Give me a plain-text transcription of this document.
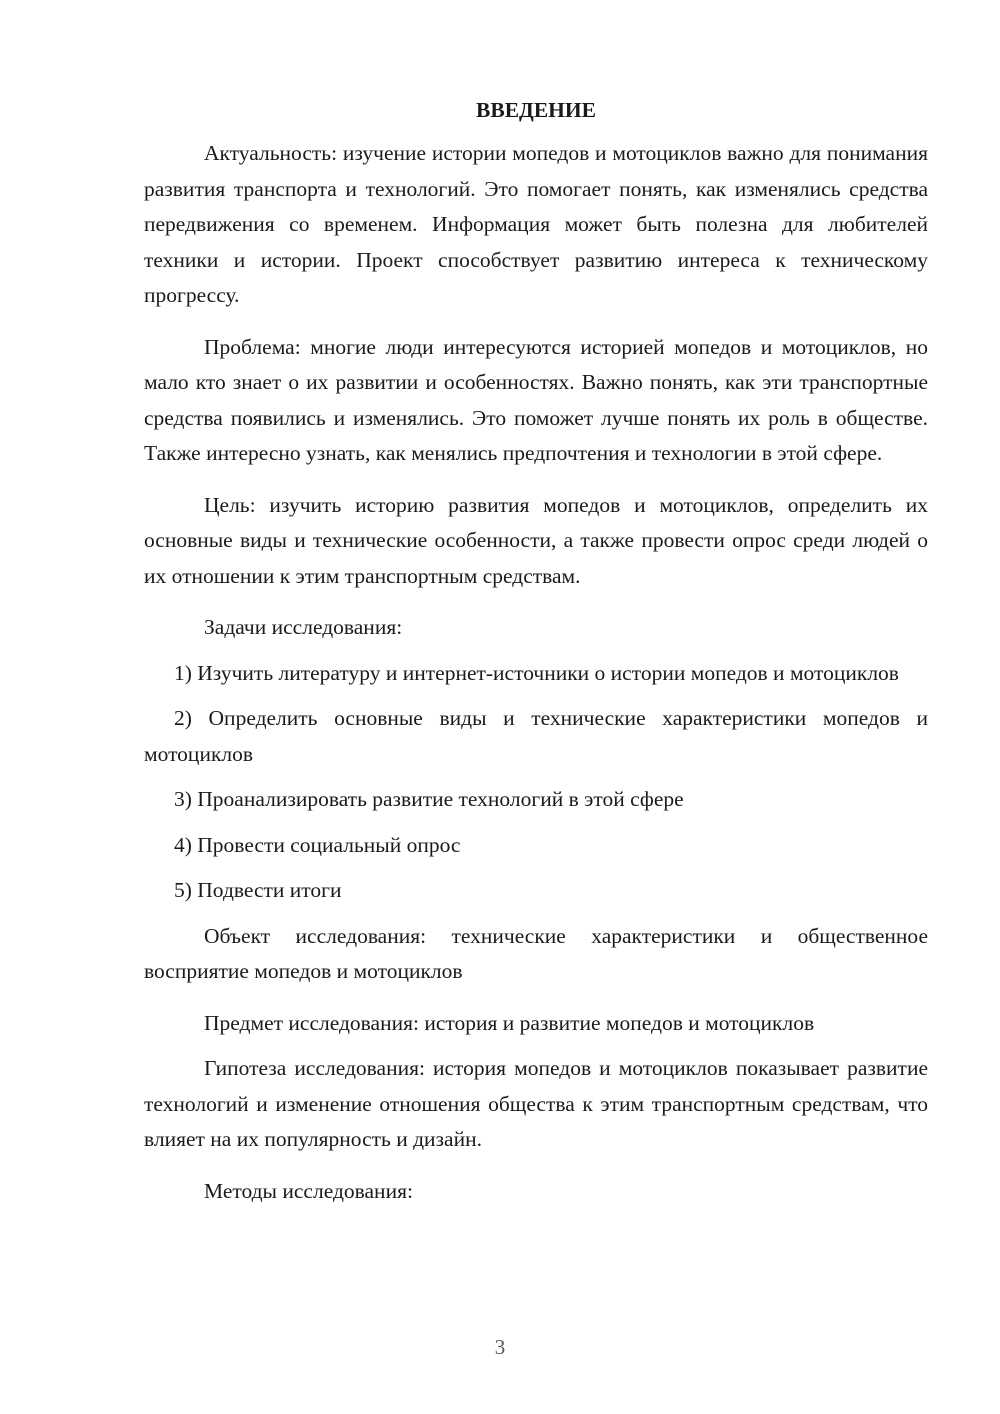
ВВЕДЕНИЕ

Актуальность: изучение истории мопедов и мотоциклов важно для понимания развития транспорта и технологий. Это помогает понять, как изменялись средства передвижения со временем. Информация может быть полезна для любителей техники и истории. Проект способствует развитию интереса к техническому прогрессу.

Проблема: многие люди интересуются историей мопедов и мотоциклов, но мало кто знает о их развитии и особенностях. Важно понять, как эти транспортные средства появились и изменялись. Это поможет лучше понять их роль в обществе. Также интересно узнать, как менялись предпочтения и технологии в этой сфере.

Цель: изучить историю развития мопедов и мотоциклов, определить их основные виды и технические особенности, а также провести опрос среди людей о их отношении к этим транспортным средствам.

Задачи исследования:

1) Изучить литературу и интернет-источники о истории мопедов и мотоциклов

2) Определить основные виды и технические характеристики мопедов и мотоциклов

3) Проанализировать развитие технологий в этой сфере

4) Провести социальный опрос

5) Подвести итоги

Объект исследования: технические характеристики и общественное восприятие мопедов и мотоциклов

Предмет исследования: история и развитие мопедов и мотоциклов

Гипотеза исследования: история мопедов и мотоциклов показывает развитие технологий и изменение отношения общества к этим транспортным средствам, что влияет на их популярность и дизайн.

Методы исследования:

3
